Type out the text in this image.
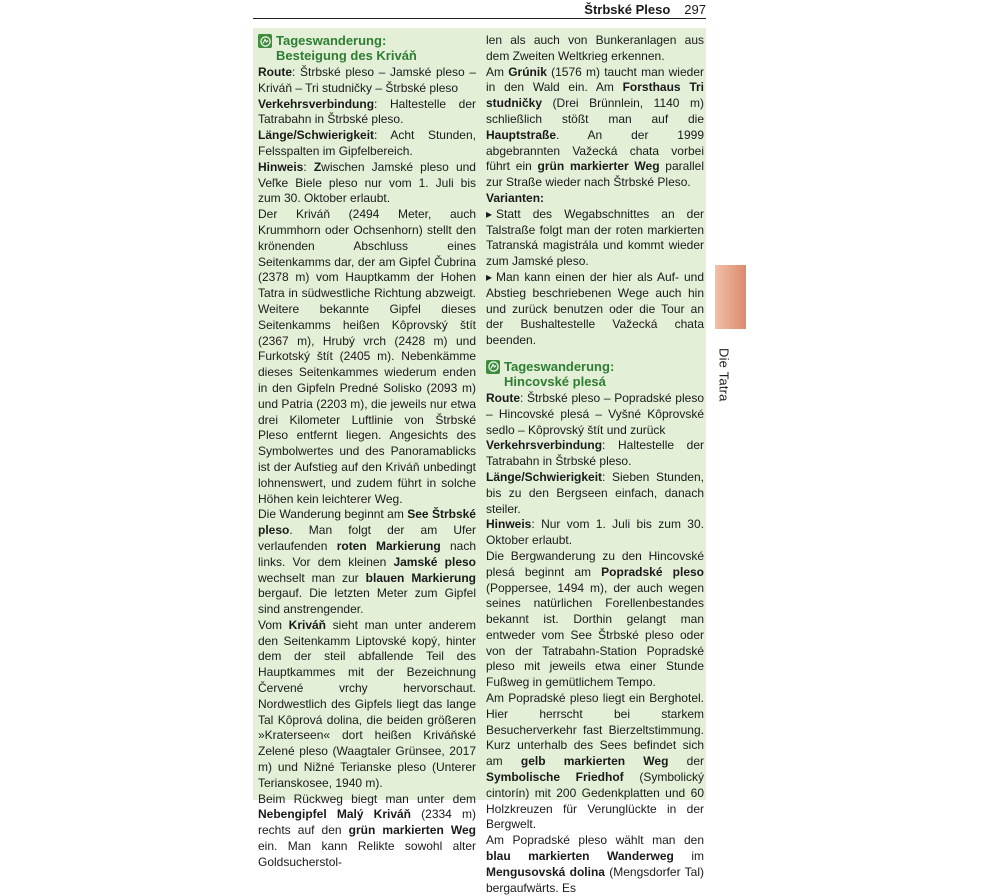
Štrbské Pleso 297
Tageswanderung:
Besteigung des Kriváň

Route: Štrbské pleso – Jamské pleso – Kriváň – Tri studničky – Štrbské pleso

Verkehrsverbindung: Haltestelle der Tatrabahn in Štrbské pleso.

Länge/Schwierigkeit: Acht Stunden, Felsspalten im Gipfelbereich.

Hinweis: Zwischen Jamské pleso und Veľke Biele pleso nur vom 1. Juli bis zum 30. Oktober erlaubt.

Der Kriváň (2494 Meter, auch Krummhorn oder Ochsenhorn) stellt den krönenden Abschluss eines Seitenkamms dar, der am Gipfel Čubrina (2378 m) vom Hauptkamm der Hohen Tatra in südwestliche Richtung abzweigt. Weitere bekannte Gipfel dieses Seitenkamms heißen Kôprovský štít (2367 m), Hrubý vrch (2428 m) und Furkotský štít (2405 m). Nebenkämme dieses Seitenkammes wiederum enden in den Gipfeln Predné Solisko (2093 m) und Patria (2203 m), die jeweils nur etwa drei Kilometer Luftlinie von Štrbské Pleso entfernt liegen. Angesichts des Symbolwertes und des Panoramablicks ist der Aufstieg auf den Kriváň unbedingt lohnenswert, und zudem führt in solche Höhen kein leichterer Weg.

Die Wanderung beginnt am See Štrbské pleso. Man folgt der am Ufer verlaufenden roten Markierung nach links. Vor dem kleinen Jamské pleso wechselt man zur blauen Markierung bergauf. Die letzten Meter zum Gipfel sind anstrengender.

Vom Kriváň sieht man unter anderem den Seitenkamm Liptovské kopý, hinter dem der steil abfallende Teil des Hauptkammes mit der Bezeichnung Červené vrchy hervorschaut. Nordwestlich des Gipfels liegt das lange Tal Kôprová dolina, die beiden größeren »Kraterseen« dort heißen Kriváňské Zelené pleso (Waagtaler Grünsee, 2017 m) und Nižné Terianske pleso (Unterer Terianskosee, 1940 m).

Beim Rückweg biegt man unter dem Nebengipfel Malý Kriváň (2334 m) rechts auf den grün markierten Weg ein. Man kann Relikte sowohl alter Goldsucherstol-

len als auch von Bunkeranlagen aus dem Zweiten Weltkrieg erkennen.

Am Grúnik (1576 m) taucht man wieder in den Wald ein. Am Forsthaus Tri studničky (Drei Brünnlein, 1140 m) schließlich stößt man auf die Hauptstraße. An der 1999 abgebrannten Važecká chata vorbei führt ein grün markierter Weg parallel zur Straße wieder nach Štrbské Pleso.

Varianten:

▸ Statt des Wegabschnittes an der Talstraße folgt man der roten markierten Tatranská magistrála und kommt wieder zum Jamské pleso.

▸ Man kann einen der hier als Auf- und Abstieg beschriebenen Wege auch hin und zurück benutzen oder die Tour an der Bushaltestelle Važecká chata beenden.

Tageswanderung:
Hincovské plesá

Route: Štrbské pleso – Popradské pleso – Hincovské plesá – Vyšné Kôprovské sedlo – Kôprovský štít und zurück

Verkehrsverbindung: Haltestelle der Tatrabahn in Štrbské pleso.

Länge/Schwierigkeit: Sieben Stunden, bis zu den Bergseen einfach, danach steiler.

Hinweis: Nur vom 1. Juli bis zum 30. Oktober erlaubt.

Die Bergwanderung zu den Hincovské plesá beginnt am Popradské pleso (Poppersee, 1494 m), der auch wegen seines natürlichen Forellenbestandes bekannt ist. Dorthin gelangt man entweder vom See Štrbské pleso oder von der Tatrabahn-Station Popradské pleso mit jeweils etwa einer Stunde Fußweg in gemütlichem Tempo.

Am Popradské pleso liegt ein Berghotel. Hier herrscht bei starkem Besucherverkehr fast Bierzeltstimmung. Kurz unterhalb des Sees befindet sich am gelb markierten Weg der Symbolische Friedhof (Symbolický cintorín) mit 200 Gedenkplatten und 60 Holzkreuzen für Verunglückte in der Bergwelt.

Am Popradské pleso wählt man den blau markierten Wanderweg im Mengusovská dolina (Mengsdorfer Tal) bergaufwärts. Es

Die Tatra
